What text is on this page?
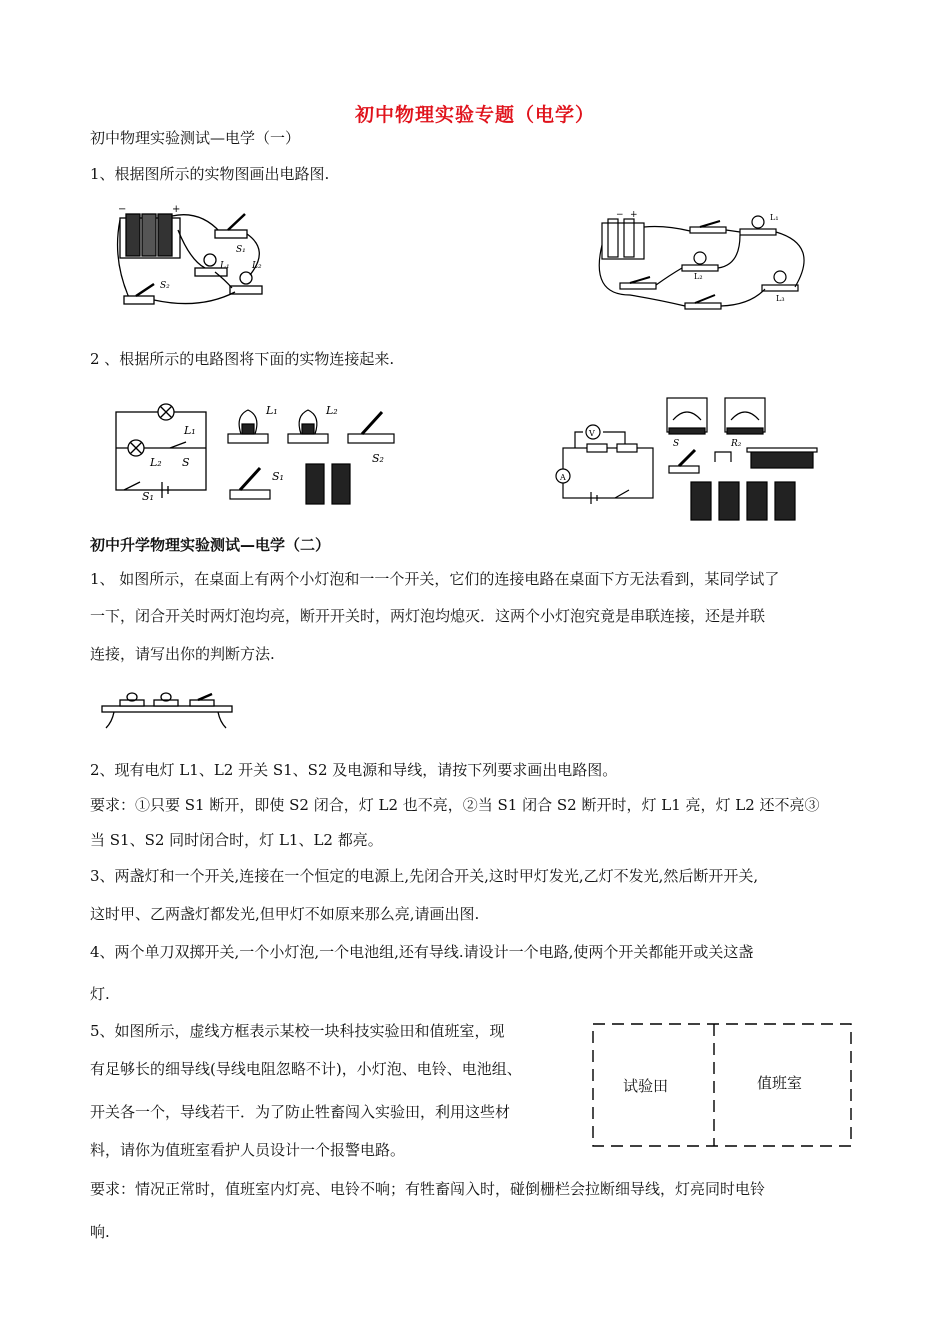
初中物理实验专题（电学）
初中物理实验测试—电学（一）
1、根据图所示的实物图画出电路图.
−	+
S₁
L₁ L₂
S₂
− +	L₁
L₂
L₃
2 、根据所示的电路图将下面的实物连接起来.
L₁
L₂ S
S₁
L₁	L₂
S₂
S₁
V
A
S	R₂
初中升学物理实验测试—电学（二）
1、 如图所示，在桌面上有两个小灯泡和一一个开关，它们的连接电路在桌面下方无法看到，某同学试了
一下，闭合开关时两灯泡均亮，断开开关时，两灯泡均熄灭．这两个小灯泡究竟是串联连接，还是并联
连接，请写出你的判断方法.
2、现有电灯 L1、L2 开关 S1、S2 及电源和导线，请按下列要求画出电路图。
要求：①只要 S1 断开，即使 S2 闭合，灯 L2 也不亮，②当 S1 闭合 S2 断开时，灯 L1 亮，灯 L2 还不亮③
当 S1、S2 同时闭合时，灯 L1、L2 都亮。
3、两盏灯和一个开关,连接在一个恒定的电源上,先闭合开关,这时甲灯发光,乙灯不发光,然后断开开关,
这时甲、乙两盏灯都发光,但甲灯不如原来那么亮,请画出图.
4、两个单刀双掷开关,一个小灯泡,一个电池组,还有导线.请设计一个电路,使两个开关都能开或关这盏
灯.
5、如图所示，虚线方框表示某校一块科技实验田和值班室，现
有足够长的细导线(导线电阻忽略不计)，小灯泡、电铃、电池组、
开关各一个，导线若干．为了防止牲畜闯入实验田，利用这些材
料，请你为值班室看护人员设计一个报警电路。
试验田	值班室
要求：情况正常时，值班室内灯亮、电铃不响；有牲畜闯入时，碰倒栅栏会拉断细导线，灯亮同时电铃
响.
